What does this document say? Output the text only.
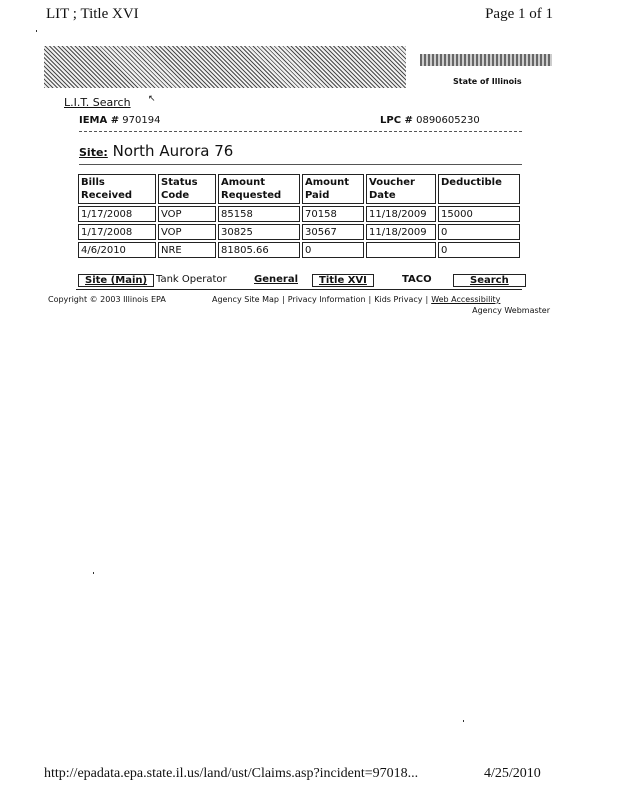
LIT ; Title XVI	Page 1 of 1
State of Illinois
L.I.T. Search ↖
IEMA # 970194	LPC # 0890605230
Site: North Aurora 76
Bills Received	Status Code	Amount Requested	Amount Paid	Voucher Date	Deductible
1/17/2008	VOP	85158	70158	11/18/2009	15000
1/17/2008	VOP	30825	30567	11/18/2009	0
4/6/2010	NRE	81805.66	0		0
Site (Main) Tank Operator	General	Title XVI	TACO	Search
Copyright © 2003 Illinois EPA	Agency Site Map | Privacy Information | Kids Privacy | Web Accessibility
Agency Webmaster
http://epadata.epa.state.il.us/land/ust/Claims.asp?incident=97018...	4/25/2010
